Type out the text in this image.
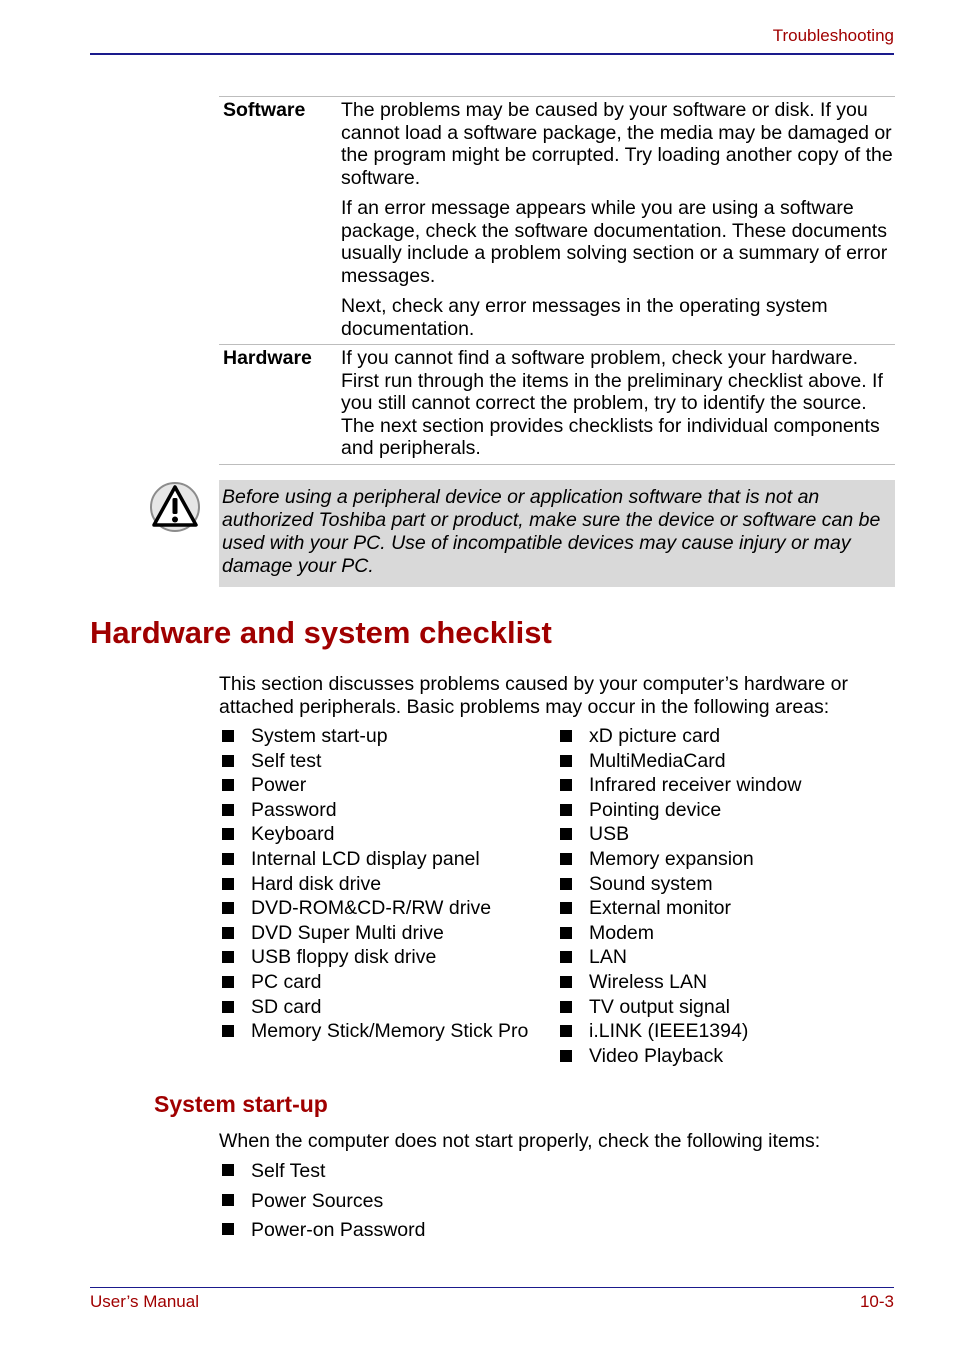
Troubleshooting
Software	The problems may be caused by your software or disk. If you cannot load a software package, the media may be damaged or the program might be corrupted. Try loading another copy of the software.

If an error message appears while you are using a software package, check the software documentation. These documents usually include a problem solving section or a summary of error messages.

Next, check any error messages in the operating system documentation.

Hardware	If you cannot find a software problem, check your hardware. First run through the items in the preliminary checklist above. If you still cannot correct the problem, try to identify the source. The next section provides checklists for individual components and peripherals.

Before using a peripheral device or application software that is not an authorized Toshiba part or product, make sure the device or software can be used with your PC. Use of incompatible devices may cause injury or may damage your PC.
Hardware and system checklist

This section discusses problems caused by your computer’s hardware or attached peripherals. Basic problems may occur in the following areas:

System start-up
Self test
Power
Password
Keyboard
Internal LCD display panel
Hard disk drive
DVD-ROM&CD-R/RW drive
DVD Super Multi drive
USB floppy disk drive
PC card
SD card
Memory Stick/Memory Stick Pro
xD picture card
MultiMediaCard
Infrared receiver window
Pointing device
USB
Memory expansion
Sound system
External monitor
Modem
LAN
Wireless LAN
TV output signal
i.LINK (IEEE1394)
Video Playback
System start-up

When the computer does not start properly, check the following items:

Self Test
Power Sources
Power-on Password
User’s Manual	10-3
